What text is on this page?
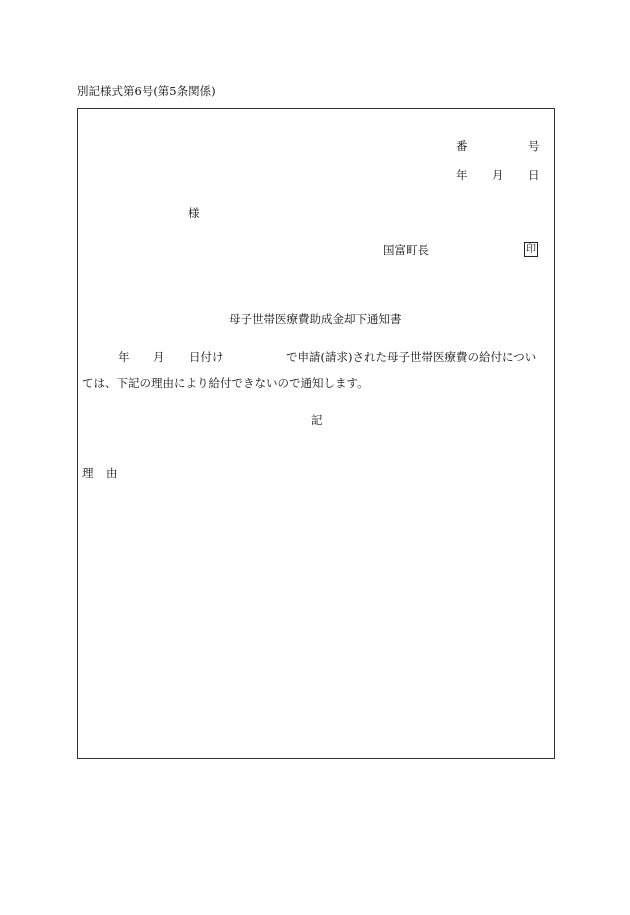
別記様式第6号(第5条関係)
番	号
年 月 日
様
国富町長	印
母子世帯医療費助成金却下通知書
年 月 日付け	で申請(請求)された母子世帯医療費の給付につい
ては、下記の理由により給付できないので通知します。
記
理 由
